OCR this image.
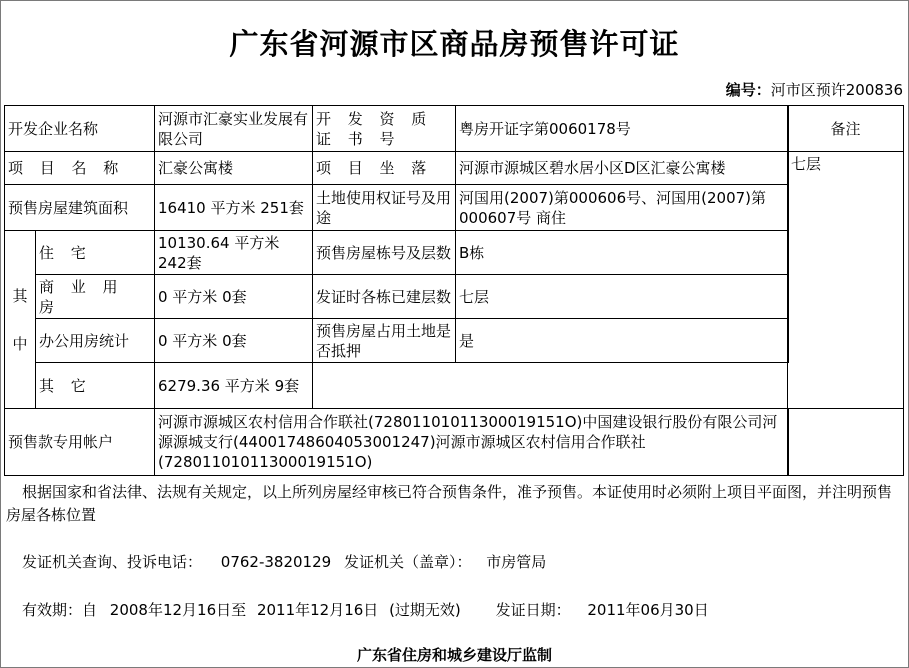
广东省河源市区商品房预售许可证
编号：河市区预许200836

开发企业名称		河源市汇豪实业发展有限公司	开 发 资 质 证 书 号	粤房开证字第0060178号	
项 目 名 称		汇豪公寓楼	项 目 坐 落	河源市源城区碧水居小区D区汇豪公寓楼	
预售房屋建筑面积		16410 平方米 251套	土地使用权证号及用途	河国用(2007)第000606号、河国用(2007)第000607号 商住	

其
中	住 宅	10130.64 平方米 242套	预售房屋栋号及层数	B栋	
	商 业 用 房	0 平方米 0套	发证时各栋已建层数	七层	
	办公用房统计	0 平方米 0套	预售房屋占用土地是否抵押	是	
	其 它	6279.36 平方米 9套			
预售款专用帐户		河源市源城区农村信用合作联社(72801101011300019151O)中国建设银行股份有限公司河源源城支行(44001748604053001247)河源市源城区农村信用合作联社(72801101011300019151O)			
备注
七层

根据国家和省法律、法规有关规定，以上所列房屋经审核已符合预售条件，准予预售。本证使用时必须附上项目平面图，并注明预售房屋各栋位置
发证机关查询、投诉电话： 0762-3820129 发证机关（盖章）： 市房管局
有效期：自 2008年12月16日至 2011年12月16日 (过期无效) 发证日期： 2011年06月30日
广东省住房和城乡建设厅监制
